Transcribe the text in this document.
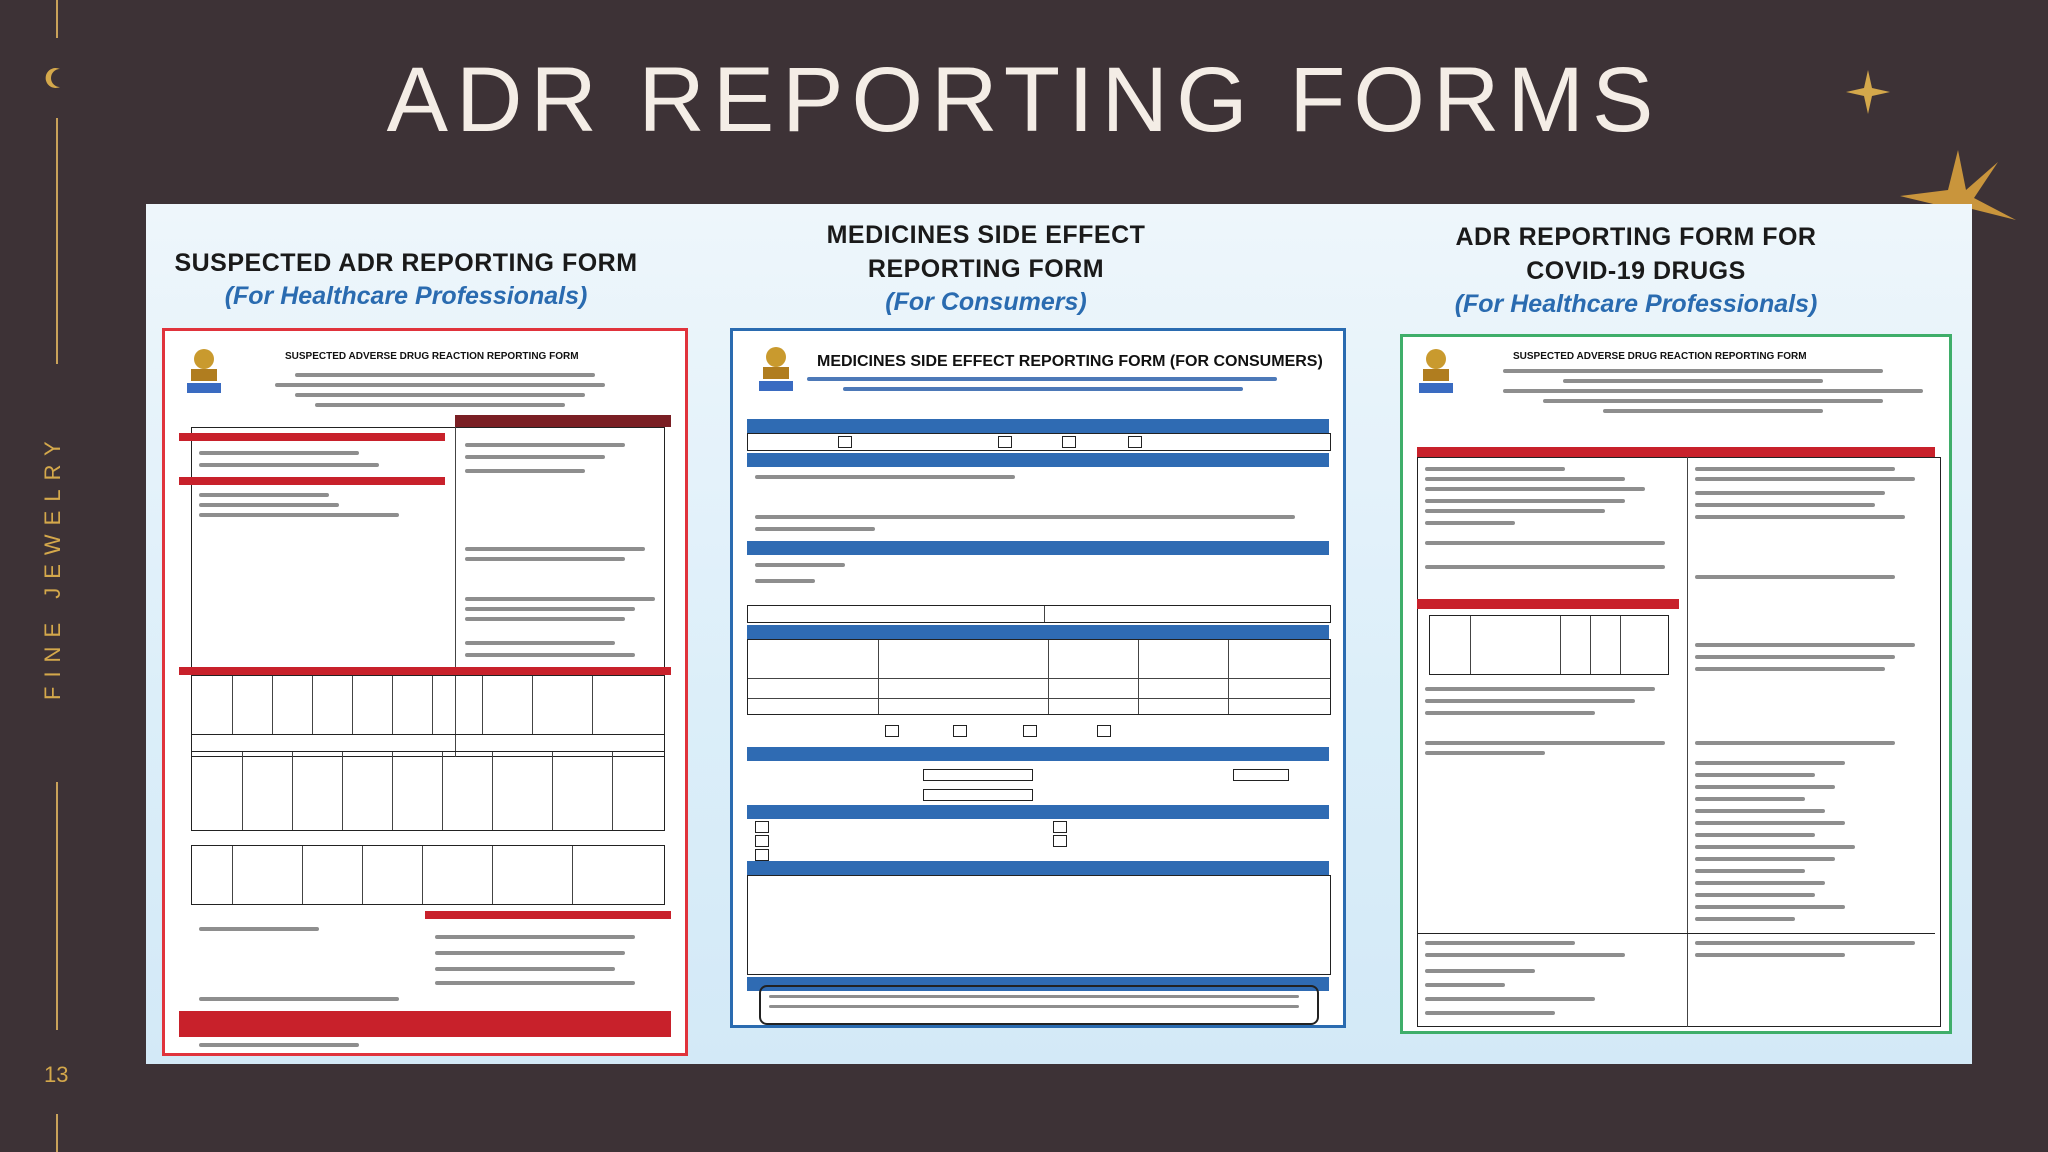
FINE JEWELRY
13
ADR REPORTING FORMS
SUSPECTED ADR REPORTING FORM
(For Healthcare Professionals)
MEDICINES SIDE EFFECT REPORTING FORM
(For Consumers)
ADR REPORTING FORM FOR COVID-19 DRUGS
(For Healthcare Professionals)
SUSPECTED ADVERSE DRUG REACTION REPORTING FORM	MEDICINES SIDE EFFECT REPORTING FORM (FOR CONSUMERS)	SUSPECTED ADVERSE DRUG REACTION REPORTING FORM
